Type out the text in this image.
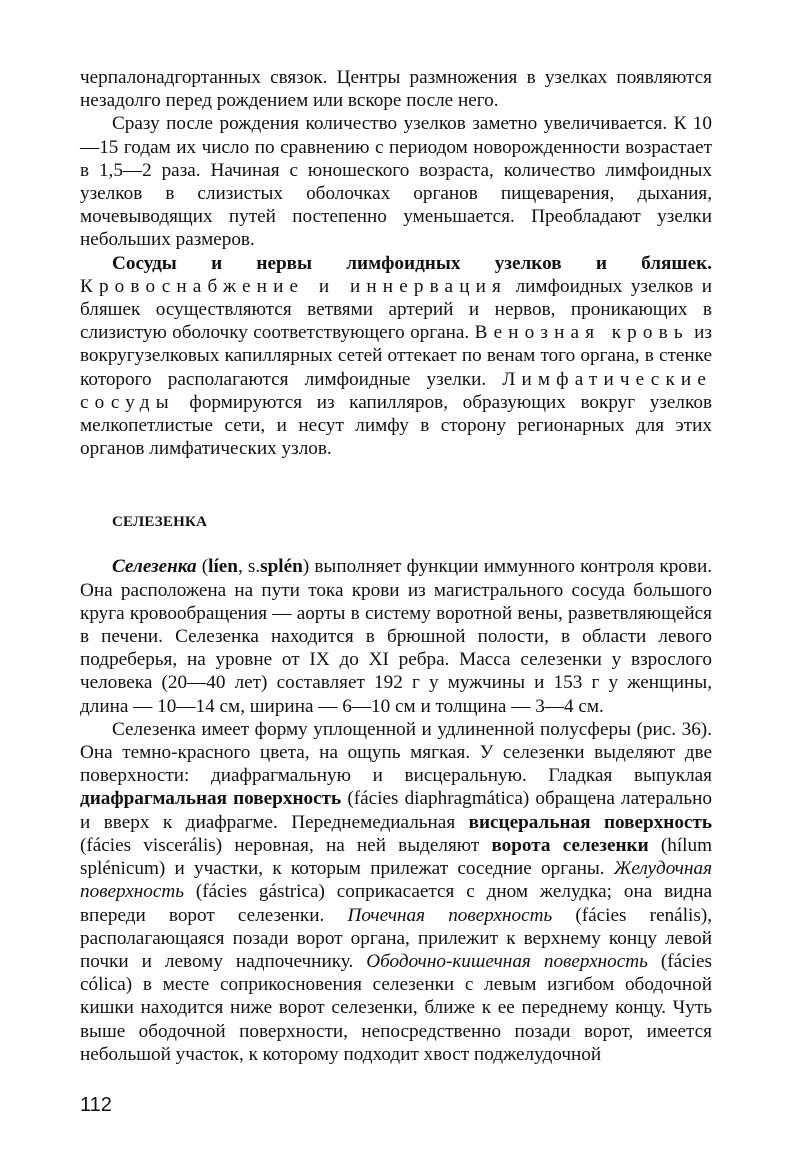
черпалонадгортанных связок. Центры размножения в узелках появляются незадолго перед рождением или вскоре после него.

Сразу после рождения количество узелков заметно увеличивается. К 10—15 годам их число по сравнению с периодом новорожденности возрастает в 1,5—2 раза. Начиная с юношеского возраста, количество лимфоидных узелков в слизистых оболочках органов пищеварения, дыхания, мочевыводящих путей постепенно уменьшается. Преобладают узелки небольших размеров.

Сосуды и нервы лимфоидных узелков и бляшек. Кровоснабжение и иннервация лимфоидных узелков и бляшек осуществляются ветвями артерий и нервов, проникающих в слизистую оболочку соответствующего органа. Венозная кровь из вокругузелковых капиллярных сетей оттекает по венам того органа, в стенке которого располагаются лимфоидные узелки. Лимфатические сосуды формируются из капилляров, образующих вокруг узелков мелкопетлистые сети, и несут лимфу в сторону регионарных для этих органов лимфатических узлов.

СЕЛЕЗЕНКА

Селезенка (líen, s.splén) выполняет функции иммунного контроля крови. Она расположена на пути тока крови из магистрального сосуда большого круга кровообращения — аорты в систему воротной вены, разветвляющейся в печени. Селезенка находится в брюшной полости, в области левого подреберья, на уровне от IX до XI ребра. Масса селезенки у взрослого человека (20—40 лет) составляет 192 г у мужчины и 153 г у женщины, длина — 10—14 см, ширина — 6—10 см и толщина — 3—4 см.

Селезенка имеет форму уплощенной и удлиненной полусферы (рис. 36). Она темно-красного цвета, на ощупь мягкая. У селезенки выделяют две поверхности: диафрагмальную и висцеральную. Гладкая выпуклая диафрагмальная поверхность (fácies diaphragmática) обращена латерально и вверх к диафрагме. Переднемедиальная висцеральная поверхность (fácies viscerális) неровная, на ней выделяют ворота селезенки (hílum splénicum) и участки, к которым прилежат соседние органы. Желудочная поверхность (fácies gástrica) соприкасается с дном желудка; она видна впереди ворот селезенки. Почечная поверхность (fácies renális), располагающаяся позади ворот органа, прилежит к верхнему концу левой почки и левому надпочечнику. Ободочно-кишечная поверхность (fácies cólica) в месте соприкосновения селезенки с левым изгибом ободочной кишки находится ниже ворот селезенки, ближе к ее переднему концу. Чуть выше ободочной поверхности, непосредственно позади ворот, имеется небольшой участок, к которому подходит хвост поджелудочной

112
